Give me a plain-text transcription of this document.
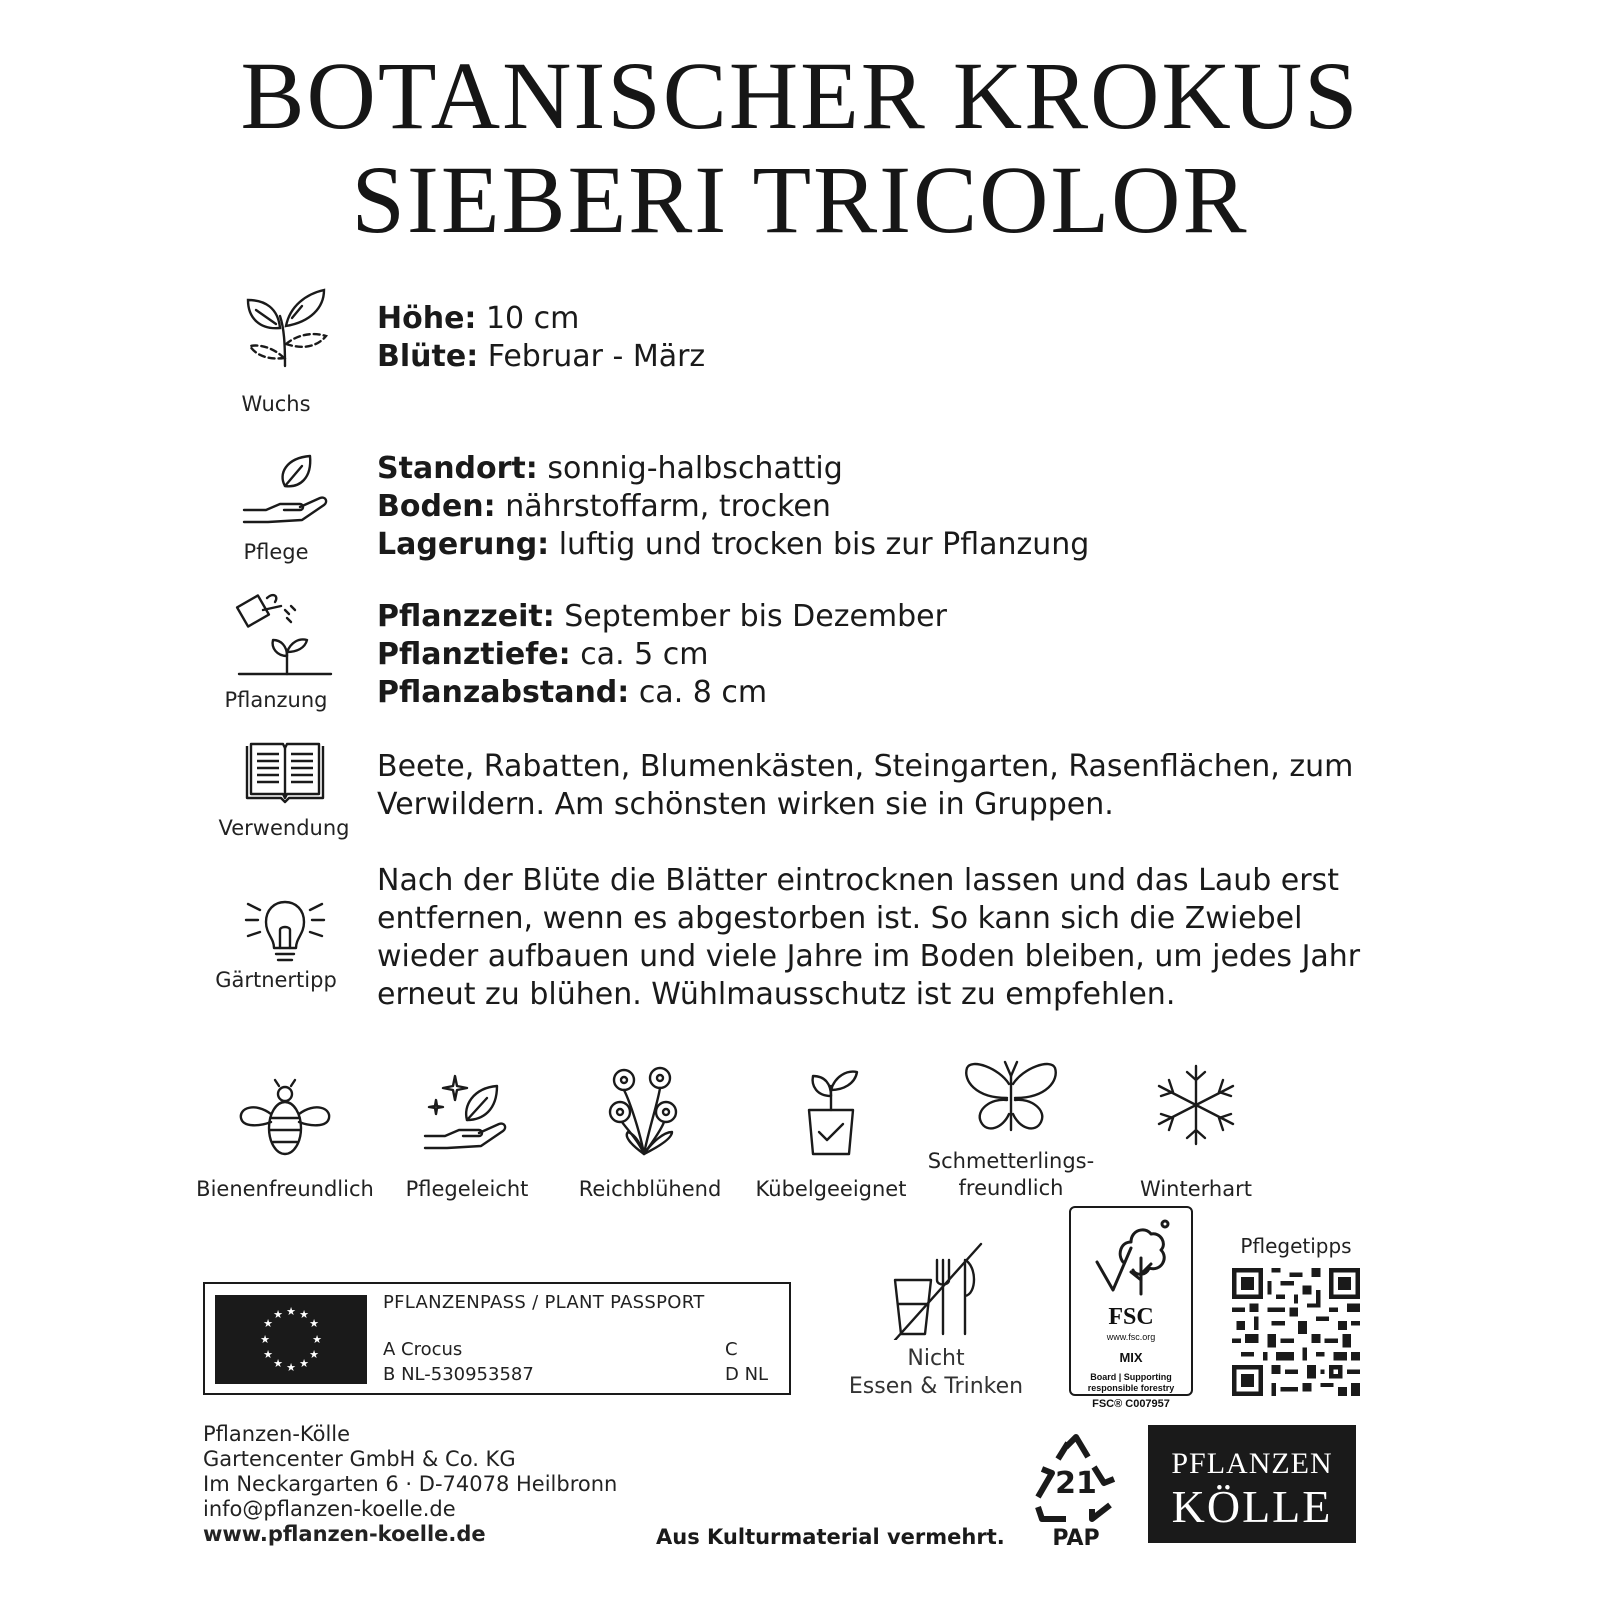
BOTANISCHER KROKUS
SIEBERI TRICOLOR
Wuchs
Höhe: 10 cm
Blüte: Februar - März
Pflege
Standort: sonnig-halbschattig
Boden: nährstoffarm, trocken
Lagerung: luftig und trocken bis zur Pflanzung
Pflanzung
Pflanzzeit: September bis Dezember
Pflanztiefe: ca. 5 cm
Pflanzabstand: ca. 8 cm
Verwendung
Beete, Rabatten, Blumenkästen, Steingarten, Rasenflächen, zum
Verwildern. Am schönsten wirken sie in Gruppen.
Gärtnertipp
Nach der Blüte die Blätter eintrocknen lassen und das Laub erst
entfernen, wenn es abgestorben ist. So kann sich die Zwiebel
wieder aufbauen und viele Jahre im Boden bleiben, um jedes Jahr
erneut zu blühen. Wühlmausschutz ist zu empfehlen.
Bienenfreundlich	Pflegeleicht	Reichblühend	Kübelgeeignet
Schmetterlings-
freundlich	Winterhart
★ ★
★
★
★
★
★
★
★
★
★
★
PFLANZENPASS / PLANT PASSPORT
A Crocus
B NL-530953587
C
D NL
Nicht
Essen & Trinken
FSC
www.fsc.org
MIX
Board | Supporting
responsible forestry
FSC® C007957
Pflegetipps
Pflanzen-Kölle
Gartencenter GmbH & Co. KG
Im Neckargarten 6 · D-74078 Heilbronn
info@pflanzen-koelle.de
www.pflanzen-koelle.de	Aus Kulturmaterial vermehrt.
21
PAP
PFLANZEN
KÖLLE
